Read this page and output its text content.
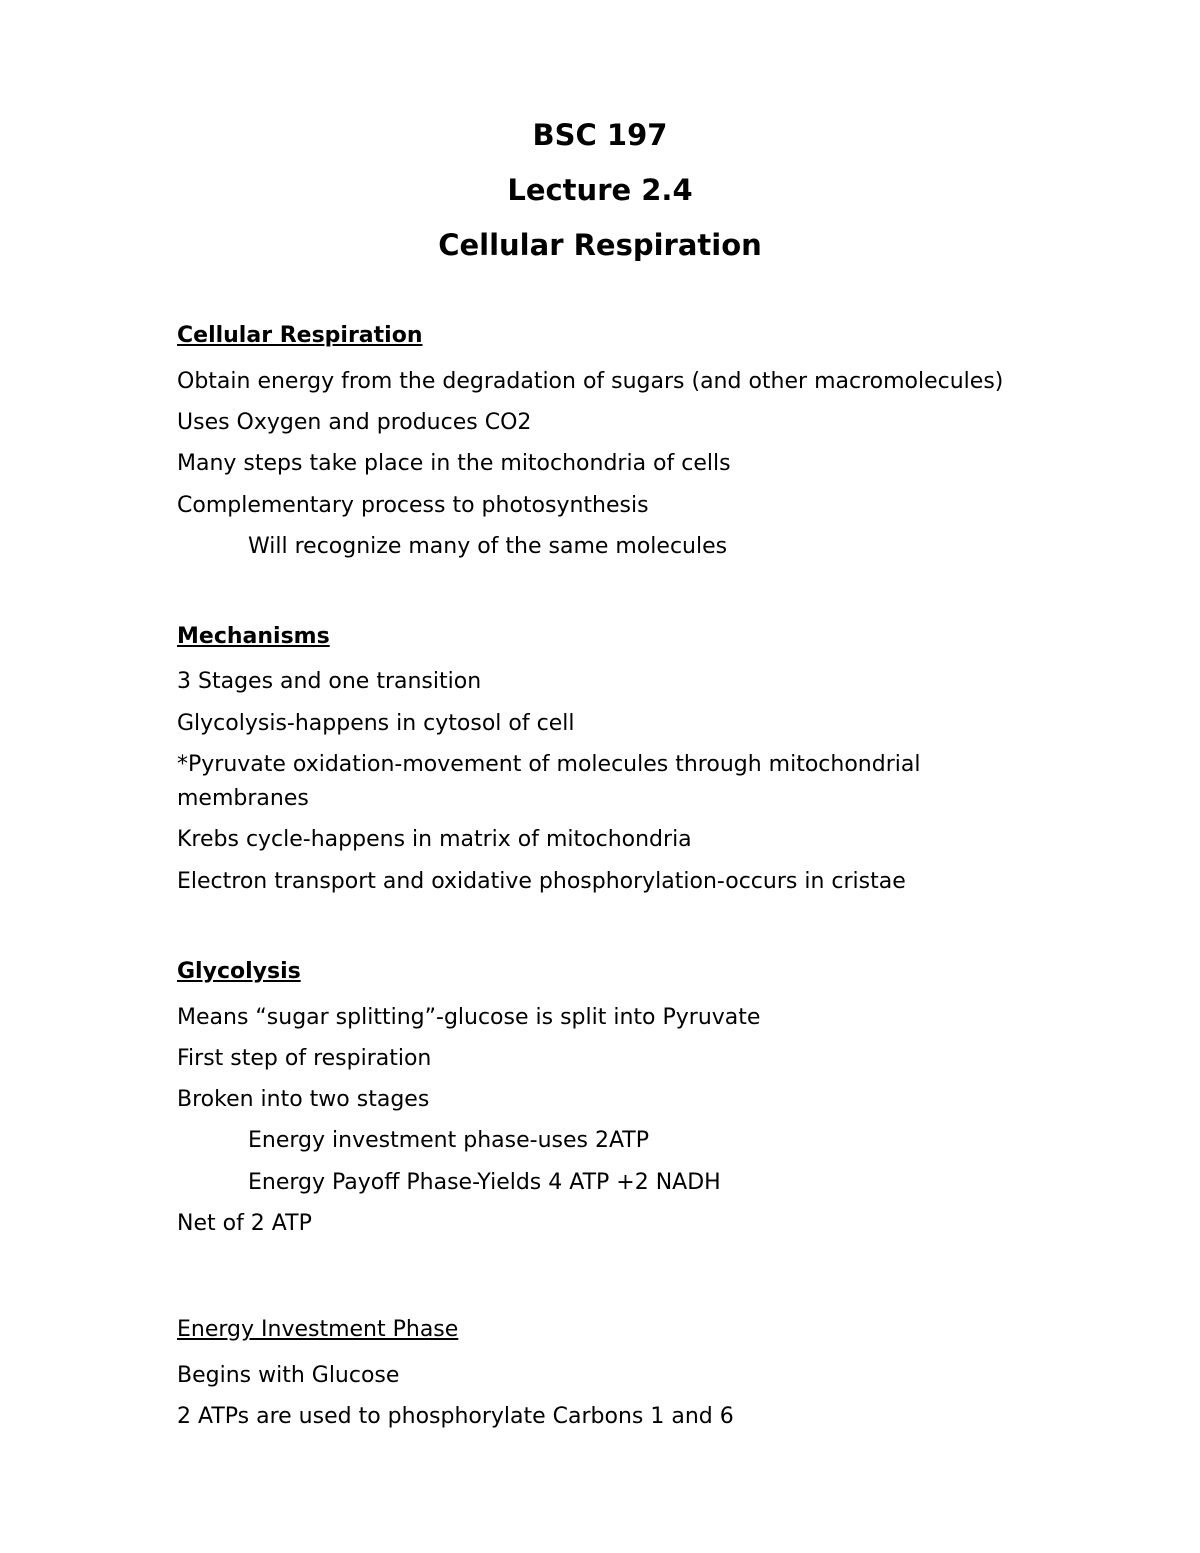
BSC 197
Lecture 2.4
Cellular Respiration
Cellular Respiration
Obtain energy from the degradation of sugars (and other macromolecules)
Uses Oxygen and produces CO2
Many steps take place in the mitochondria of cells
Complementary process to photosynthesis
Will recognize many of the same molecules
Mechanisms
3 Stages and one transition
Glycolysis-happens in cytosol of cell
*Pyruvate oxidation-movement of molecules through mitochondrial membranes
Krebs cycle-happens in matrix of mitochondria
Electron transport and oxidative phosphorylation-occurs in cristae
Glycolysis
Means “sugar splitting”-glucose is split into Pyruvate
First step of respiration
Broken into two stages
Energy investment phase-uses 2ATP
Energy Payoff Phase-Yields 4 ATP +2 NADH
Net of 2 ATP
Energy Investment Phase
Begins with Glucose
2 ATPs are used to phosphorylate Carbons 1 and 6
